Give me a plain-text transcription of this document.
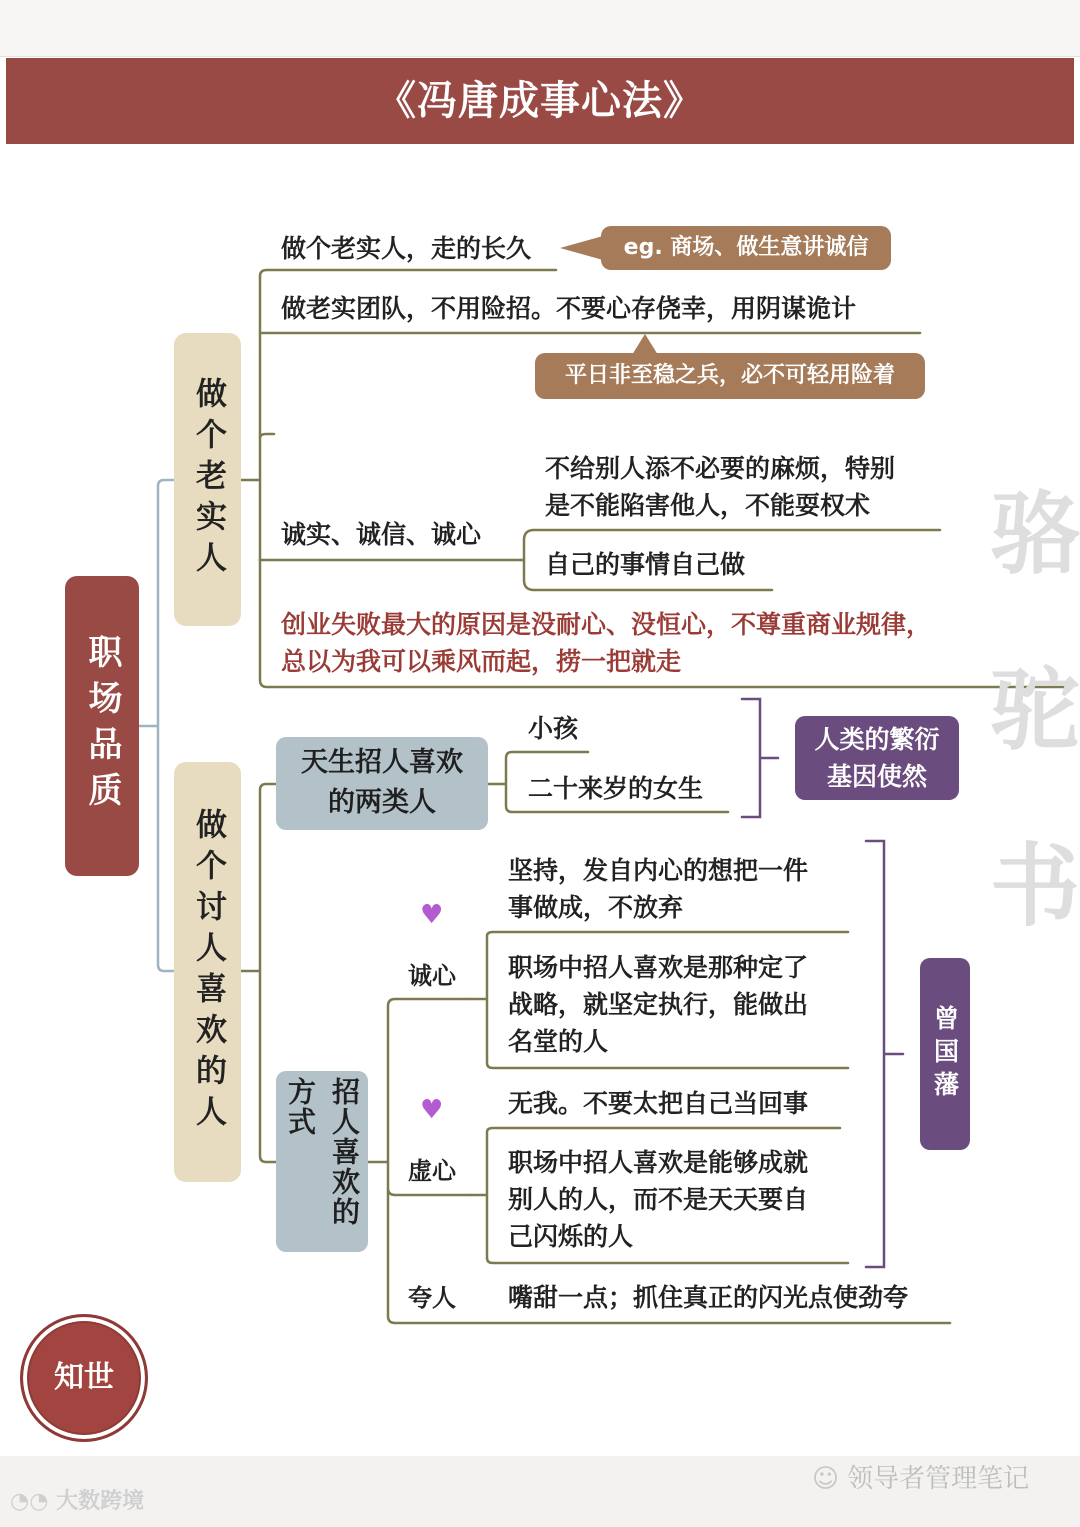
《冯唐成事心法》
职场品质
做个老实人
做个老实人，走的长久	eg. 商场、做生意讲诚信
做老实团队，不用险招。不要心存侥幸，用阴谋诡计
平日非至稳之兵，必不可轻用险着
诚实、诚信、诚心
不给别人添不必要的麻烦，特别
是不能陷害他人，不能耍权术
自己的事情自己做
创业失败最大的原因是没耐心、没恒心，不尊重商业规律，
总以为我可以乘风而起，捞一把就走
做个讨人喜欢的人
天生招人喜欢
的两类人
小孩
二十来岁的女生
人类的繁衍
基因使然
招人喜欢的方式
♥
诚心
坚持，发自内心的想把一件
事做成，不放弃
职场中招人喜欢是那种定了
战略，就坚定执行，能做出
名堂的人
♥
虚心
无我。不要太把自己当回事
职场中招人喜欢是能够成就
别人的人，而不是天天要自
己闪烁的人
夸人 嘴甜一点；抓住真正的闪光点使劲夸
曾国藩
骆
驼
书
知世
◔◔ 大数跨境
☺ 领导者管理笔记
